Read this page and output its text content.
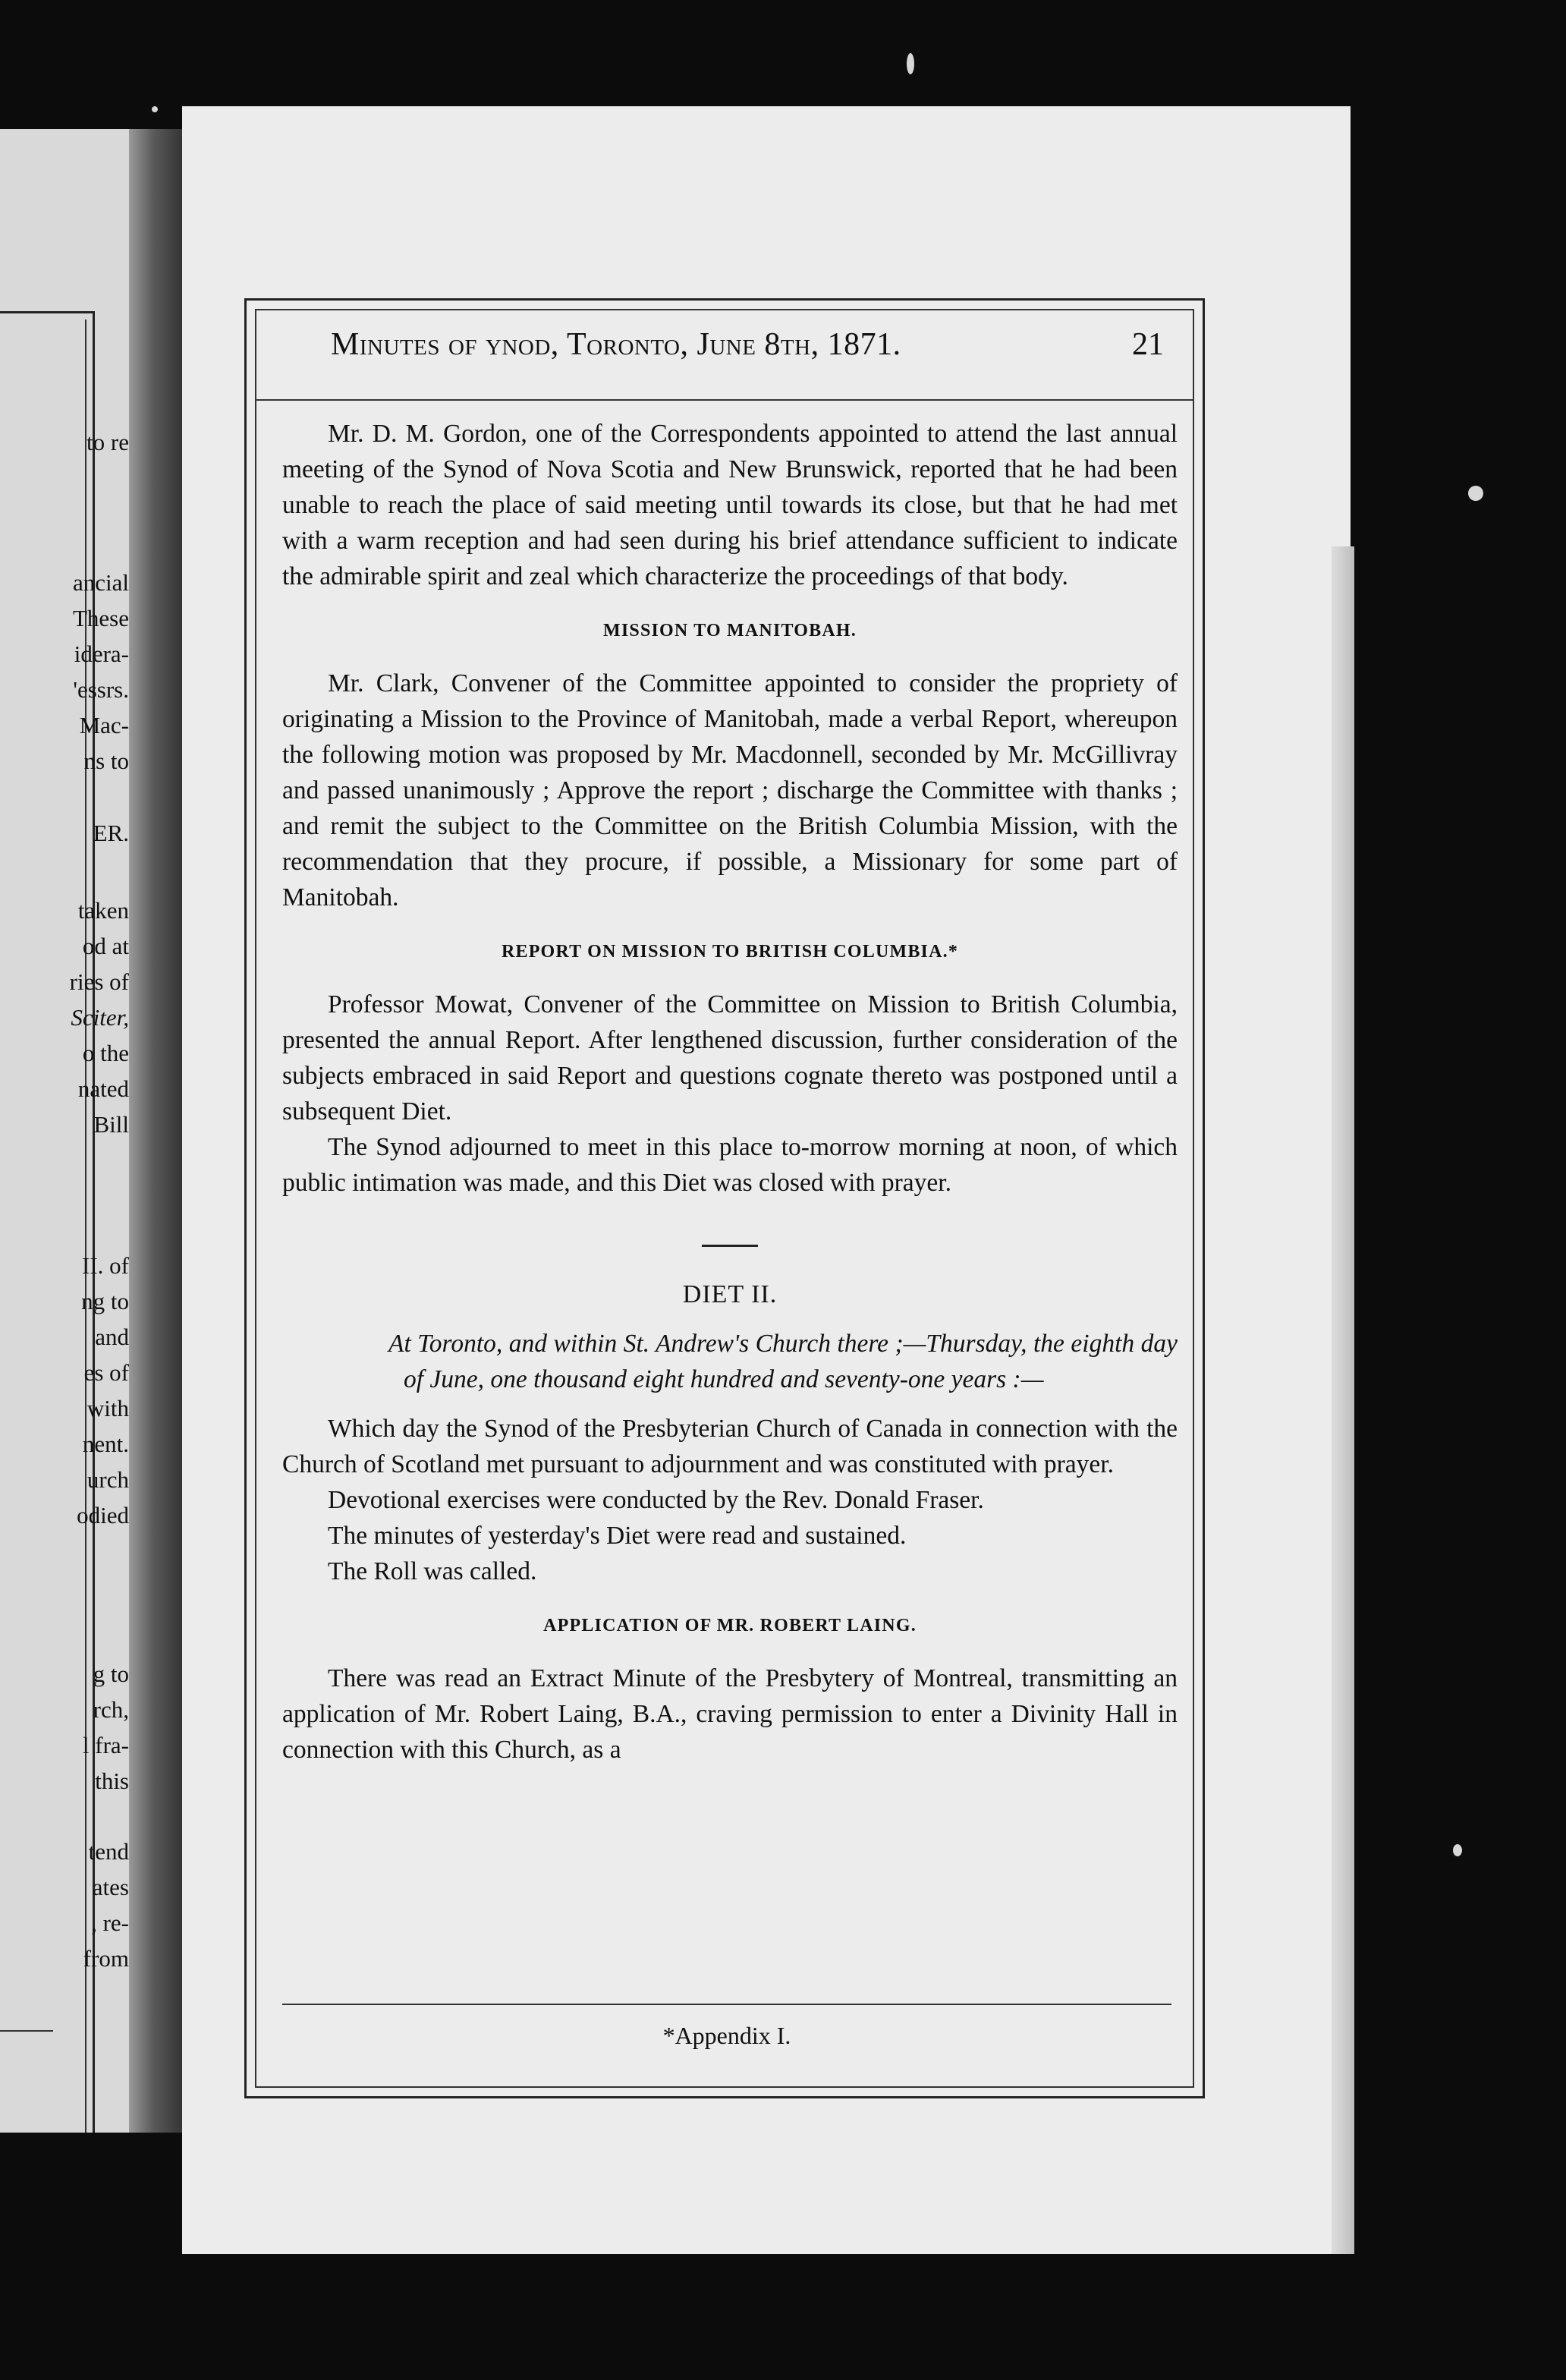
to re
ancial
These
idera-
'essrs.
Mac-
ns to
ER.
taken
od at
ries of
Sciter,
o the
nated
Bill
II. of
ng to
and
es of
with
nent.
urch
odied
g to
rch,
l fra-
this
tend
ates
, re-
from
Minutes of ynod, Toronto, June 8th, 1871.	21

Mr. D. M. Gordon, one of the Correspondents appointed to attend the last annual meeting of the Synod of Nova Scotia and New Brunswick, reported that he had been unable to reach the place of said meeting until towards its close, but that he had met with a warm reception and had seen during his brief attendance sufficient to indicate the admirable spirit and zeal which characterize the proceedings of that body.

MISSION TO MANITOBAH.

Mr. Clark, Convener of the Committee appointed to consider the propriety of originating a Mission to the Province of Manitobah, made a verbal Report, whereupon the following motion was proposed by Mr. Macdonnell, seconded by Mr. McGillivray and passed unanimously ; Approve the report ; discharge the Committee with thanks ; and remit the subject to the Committee on the British Columbia Mission, with the recommendation that they procure, if possible, a Missionary for some part of Manitobah.

REPORT ON MISSION TO BRITISH COLUMBIA.*

Professor Mowat, Convener of the Committee on Mission to British Columbia, presented the annual Report. After lengthened discussion, further consideration of the subjects embraced in said Report and questions cognate thereto was postponed until a subsequent Diet.

The Synod adjourned to meet in this place to-morrow morning at noon, of which public intimation was made, and this Diet was closed with prayer.

DIET II.
At Toronto, and within St. Andrew's Church there ;—Thursday, the eighth day of June, one thousand eight hundred and seventy-one years :—

Which day the Synod of the Presbyterian Church of Canada in connection with the Church of Scotland met pursuant to adjournment and was constituted with prayer.

Devotional exercises were conducted by the Rev. Donald Fraser.

The minutes of yesterday's Diet were read and sustained.

The Roll was called.

APPLICATION OF MR. ROBERT LAING.

There was read an Extract Minute of the Presbytery of Montreal, transmitting an application of Mr. Robert Laing, B.A., craving permission to enter a Divinity Hall in connection with this Church, as a

*Appendix I.
